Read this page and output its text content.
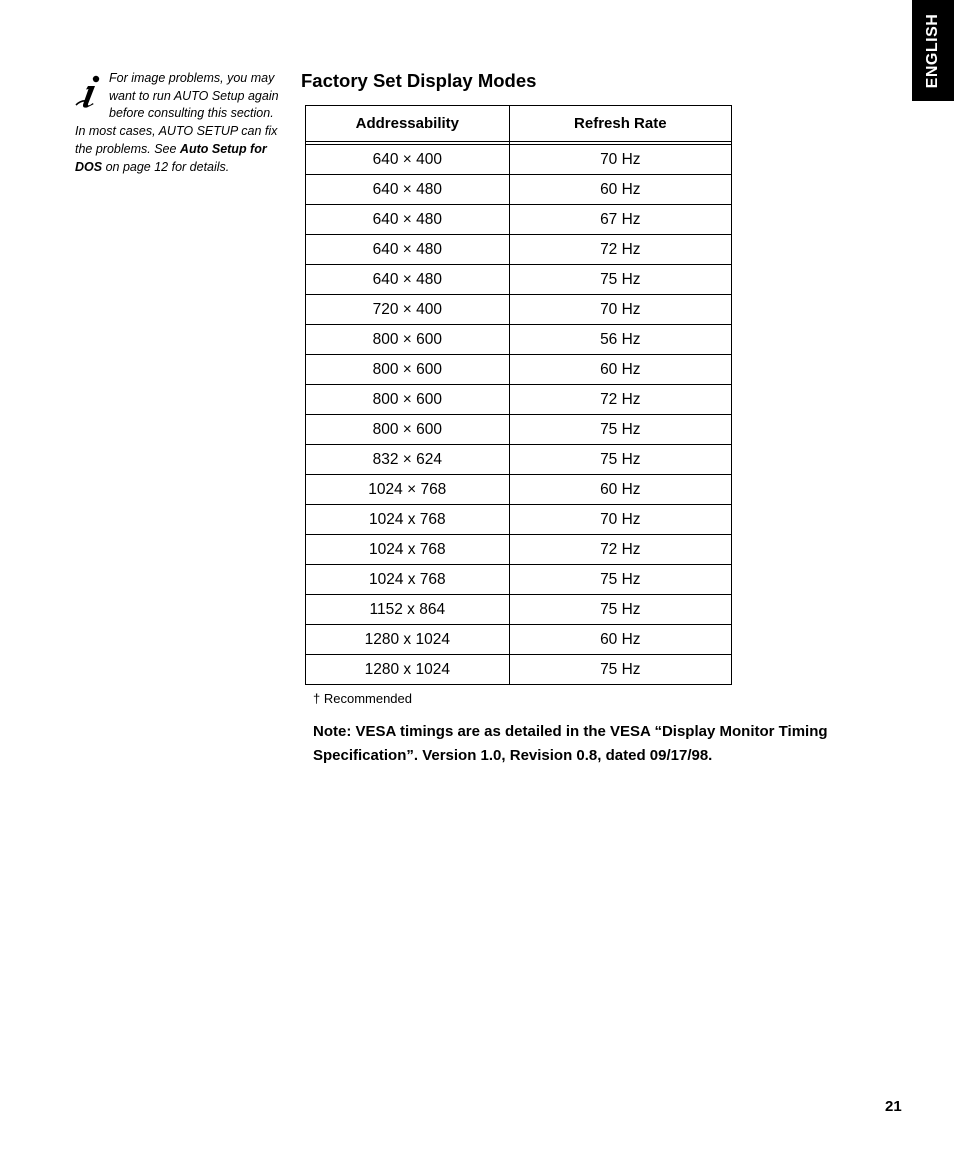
ENGLISH
For image problems, you may want to run AUTO Setup again before consulting this section. In most cases, AUTO SETUP can fix the problems. See Auto Setup for DOS on page 12 for details.
Factory Set Display Modes
Addressability	Refresh Rate

640 × 400	70 Hz
640 × 480	60 Hz
640 × 480	67 Hz
640 × 480	72 Hz
640 × 480	75 Hz
720 × 400	70 Hz
800 × 600	56 Hz
800 × 600	60 Hz
800 × 600	72 Hz
800 × 600	75 Hz
832 × 624	75 Hz
1024 × 768	60 Hz
1024 x 768	70 Hz
1024 x 768	72 Hz
1024 x 768	75 Hz
1152 x 864	75 Hz
1280 x 1024	60 Hz
1280 x 1024	75 Hz
† Recommended
Note: VESA timings are as detailed in the VESA “Display Monitor Timing Specification”. Version 1.0, Revision 0.8, dated 09/17/98.
21
